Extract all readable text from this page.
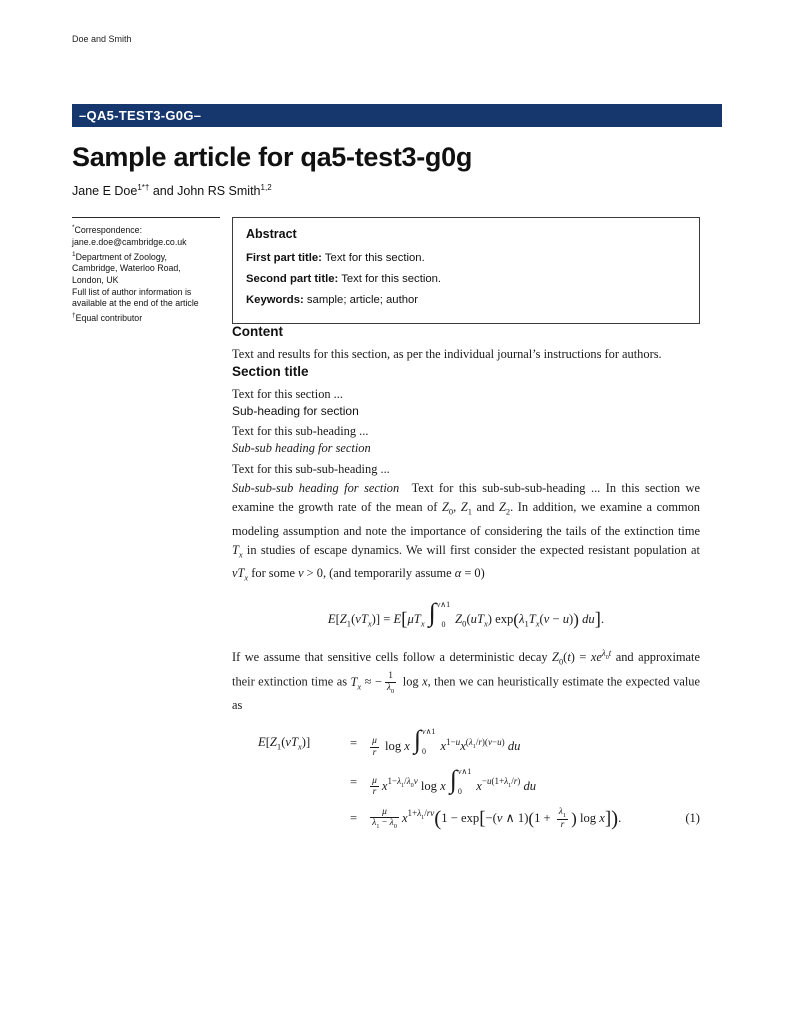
Doe and Smith
–QA5-TEST3-G0G–
Sample article for qa5-test3-g0g
Jane E Doe$^{1*\dagger}$ and John RS Smith$^{1,2}$
*Correspondence:
jane.e.doe@cambridge.co.uk
$^1$Department of Zoology,
Cambridge, Waterloo Road,
London, UK
Full list of author information is
available at the end of the article
†Equal contributor
Abstract
First part title: Text for this section.
Second part title: Text for this section.
Keywords: sample; article; author
Content

Text and results for this section, as per the individual journal’s instructions for authors.

Section title

Text for this section ...

Sub-heading for section

Text for this sub-heading ...

Sub-sub heading for section

Text for this sub-sub-heading ...

Sub-sub-sub heading for section  Text for this sub-sub-sub-heading ... In this section we examine the growth rate of the mean of $Z_0$, $Z_1$ and $Z_2$. In addition, we examine a common modeling assumption and note the importance of considering the tails of the extinction time $T_x$ in studies of escape dynamics. We will first consider the expected resistant population at $vT_x$ for some v > 0, (and temporarily assume α = 0)

$E[Z_1(vT_x)] = E[\mu T_x$ ∫ v∧1
0 $Z_0(uT_x) \exp(\lambda_1T_x(v - u))$ du].

If we assume that sensitive cells follow a deterministic decay $Z_0(t) = xe^{\lambda_0t}$ and approximate their extinction time as $T_x$ ≈ − $\frac{1}{\lambda_0}$ log x, then we can heuristically estimate the expected value as

$E[Z_1(vT_x)]$	= $\frac{\mu}{r}$ log x ∫ v∧1
0	$x^{1-u}x^{(\lambda_1/r)(v-u)}$ du
= $\frac{\mu}{r} x^{1-\lambda_1/\lambda_0v}$ log x ∫ v∧1
0	$x^{-u(1+\lambda_1/r)}$ du
= $\frac{\mu}{\lambda_1 - \lambda_0} x^{1+\lambda_1/rv}(1 - \exp[-(v$ ∧ $1)(1 + \frac{\lambda_1}{r}$ ) log x]).	(1)
